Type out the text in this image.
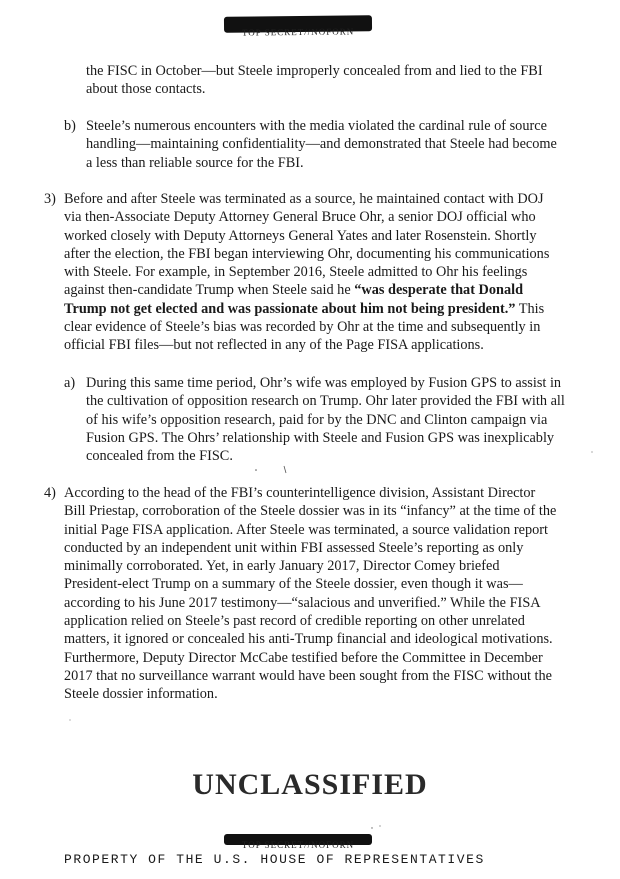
TOP SECRET//NOFORN
the FISC in October—but Steele improperly concealed from and lied to the FBI about those contacts.
b) Steele’s numerous encounters with the media violated the cardinal rule of source handling—maintaining confidentiality—and demonstrated that Steele had become a less than reliable source for the FBI.
3) Before and after Steele was terminated as a source, he maintained contact with DOJ via then-Associate Deputy Attorney General Bruce Ohr, a senior DOJ official who worked closely with Deputy Attorneys General Yates and later Rosenstein. Shortly after the election, the FBI began interviewing Ohr, documenting his communications with Steele. For example, in September 2016, Steele admitted to Ohr his feelings against then-candidate Trump when Steele said he “was desperate that Donald Trump not get elected and was passionate about him not being president.” This clear evidence of Steele’s bias was recorded by Ohr at the time and subsequently in official FBI files—but not reflected in any of the Page FISA applications.
a) During this same time period, Ohr’s wife was employed by Fusion GPS to assist in the cultivation of opposition research on Trump. Ohr later provided the FBI with all of his wife’s opposition research, paid for by the DNC and Clinton campaign via Fusion GPS. The Ohrs’ relationship with Steele and Fusion GPS was inexplicably concealed from the FISC.
4) According to the head of the FBI’s counterintelligence division, Assistant Director Bill Priestap, corroboration of the Steele dossier was in its “infancy” at the time of the initial Page FISA application. After Steele was terminated, a source validation report conducted by an independent unit within FBI assessed Steele’s reporting as only minimally corroborated. Yet, in early January 2017, Director Comey briefed President-elect Trump on a summary of the Steele dossier, even though it was—according to his June 2017 testimony—“salacious and unverified.” While the FISA application relied on Steele’s past record of credible reporting on other unrelated matters, it ignored or concealed his anti-Trump financial and ideological motivations. Furthermore, Deputy Director McCabe testified before the Committee in December 2017 that no surveillance warrant would have been sought from the FISC without the Steele dossier information.
UNCLASSIFIED
TOP SECRET//NOFORN
PROPERTY OF THE U.S. HOUSE OF REPRESENTATIVES
